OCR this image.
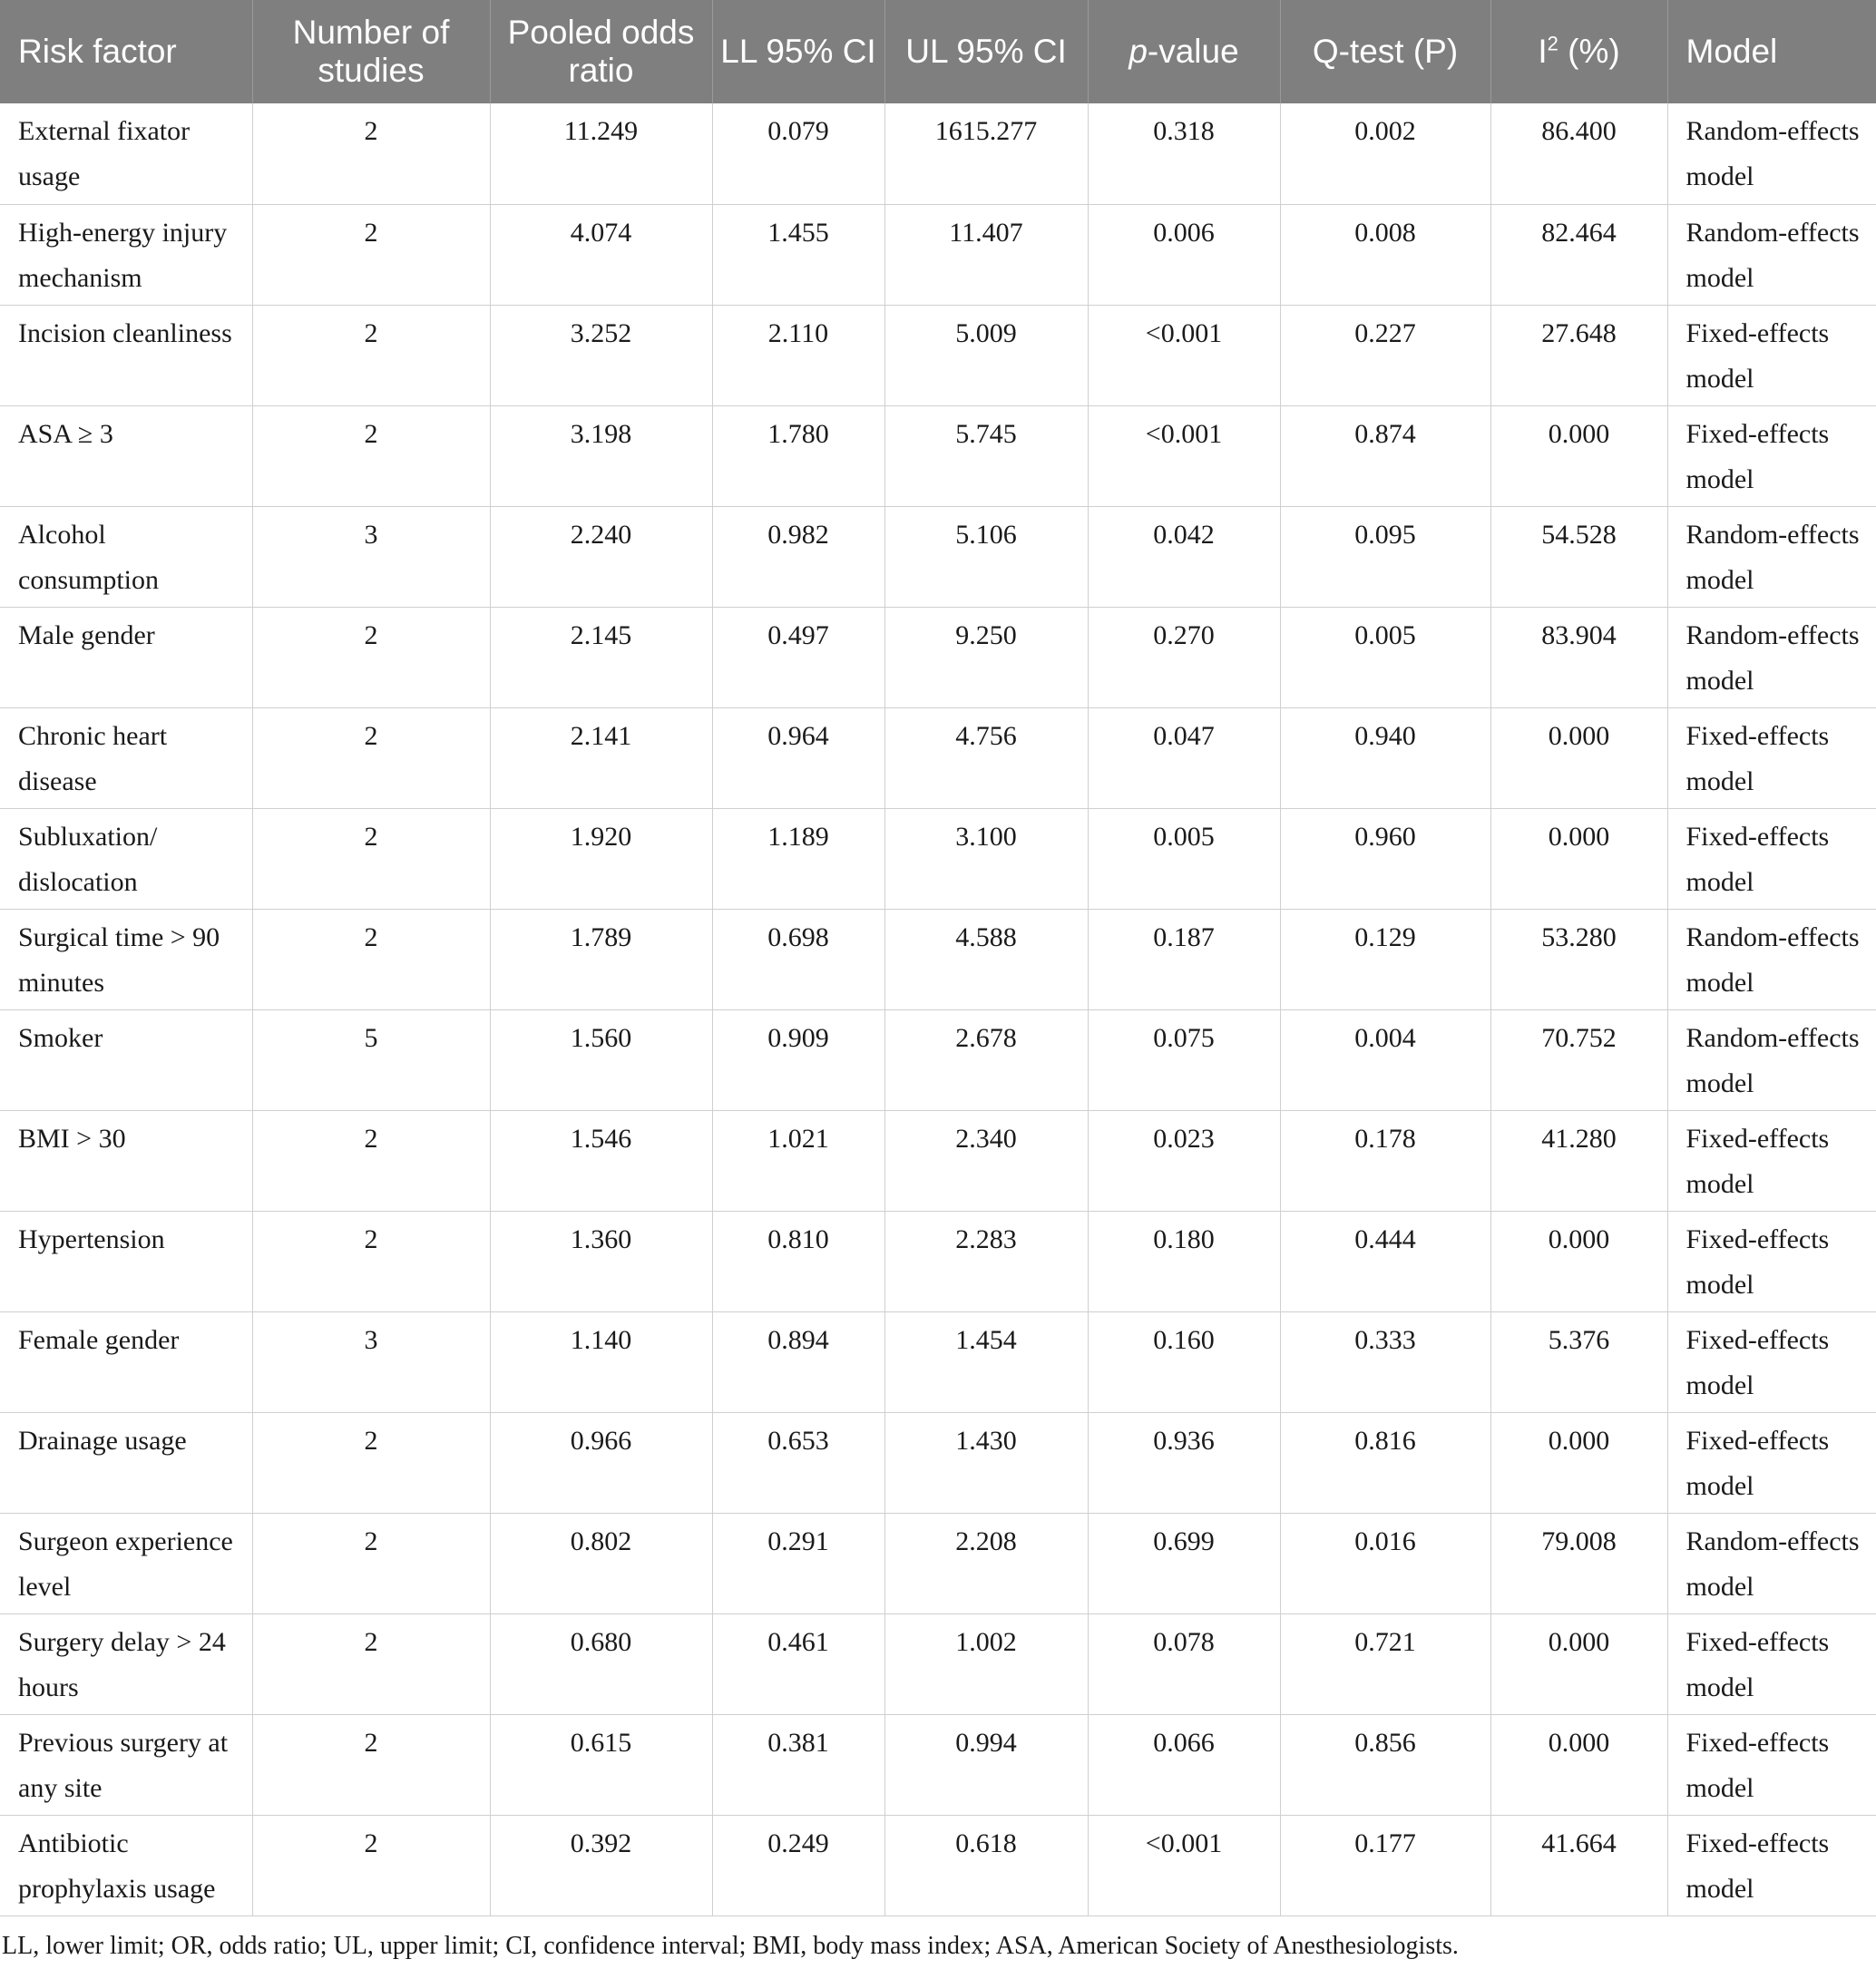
Risk factor	Number of studies	Pooled odds ratio	LL 95% CI	UL 95% CI	p-value	Q-test (P)	$I^2$ (%)	Model
External fixator usage	2	11.249	0.079	1615.277	0.318	0.002	86.400	Random-effects model
High-energy injury mechanism	2	4.074	1.455	11.407	0.006	0.008	82.464	Random-effects model
Incision cleanliness	2	3.252	2.110	5.009	<0.001	0.227	27.648	Fixed-effects model
ASA ≥ 3	2	3.198	1.780	5.745	<0.001	0.874	0.000	Fixed-effects model
Alcohol consumption	3	2.240	0.982	5.106	0.042	0.095	54.528	Random-effects model
Male gender	2	2.145	0.497	9.250	0.270	0.005	83.904	Random-effects model
Chronic heart disease	2	2.141	0.964	4.756	0.047	0.940	0.000	Fixed-effects model
Subluxation/ dislocation	2	1.920	1.189	3.100	0.005	0.960	0.000	Fixed-effects model
Surgical time > 90 minutes	2	1.789	0.698	4.588	0.187	0.129	53.280	Random-effects model
Smoker	5	1.560	0.909	2.678	0.075	0.004	70.752	Random-effects model
BMI > 30	2	1.546	1.021	2.340	0.023	0.178	41.280	Fixed-effects model
Hypertension	2	1.360	0.810	2.283	0.180	0.444	0.000	Fixed-effects model
Female gender	3	1.140	0.894	1.454	0.160	0.333	5.376	Fixed-effects model
Drainage usage	2	0.966	0.653	1.430	0.936	0.816	0.000	Fixed-effects model
Surgeon experience level	2	0.802	0.291	2.208	0.699	0.016	79.008	Random-effects model
Surgery delay > 24 hours	2	0.680	0.461	1.002	0.078	0.721	0.000	Fixed-effects model
Previous surgery at any site	2	0.615	0.381	0.994	0.066	0.856	0.000	Fixed-effects model
Antibiotic prophylaxis usage	2	0.392	0.249	0.618	<0.001	0.177	41.664	Fixed-effects model
LL, lower limit; OR, odds ratio; UL, upper limit; CI, confidence interval; BMI, body mass index; ASA, American Society of Anesthesiologists.
